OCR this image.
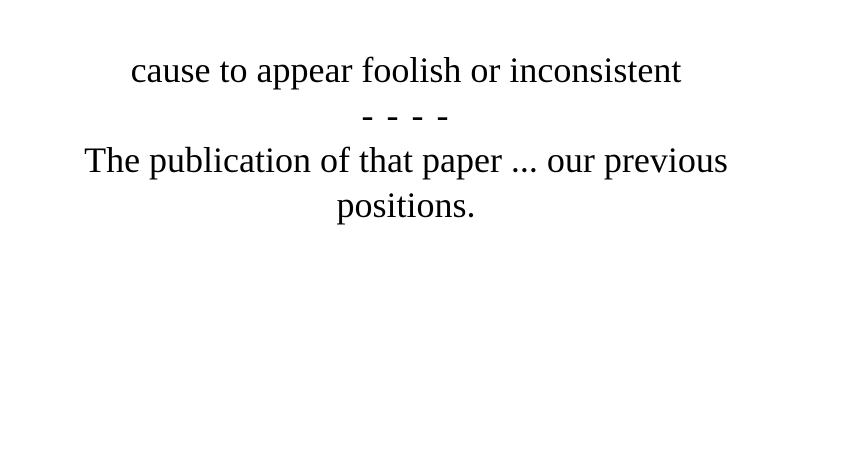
cause to appear foolish or inconsistent
- - - -
The publication of that paper ... our previous positions.
